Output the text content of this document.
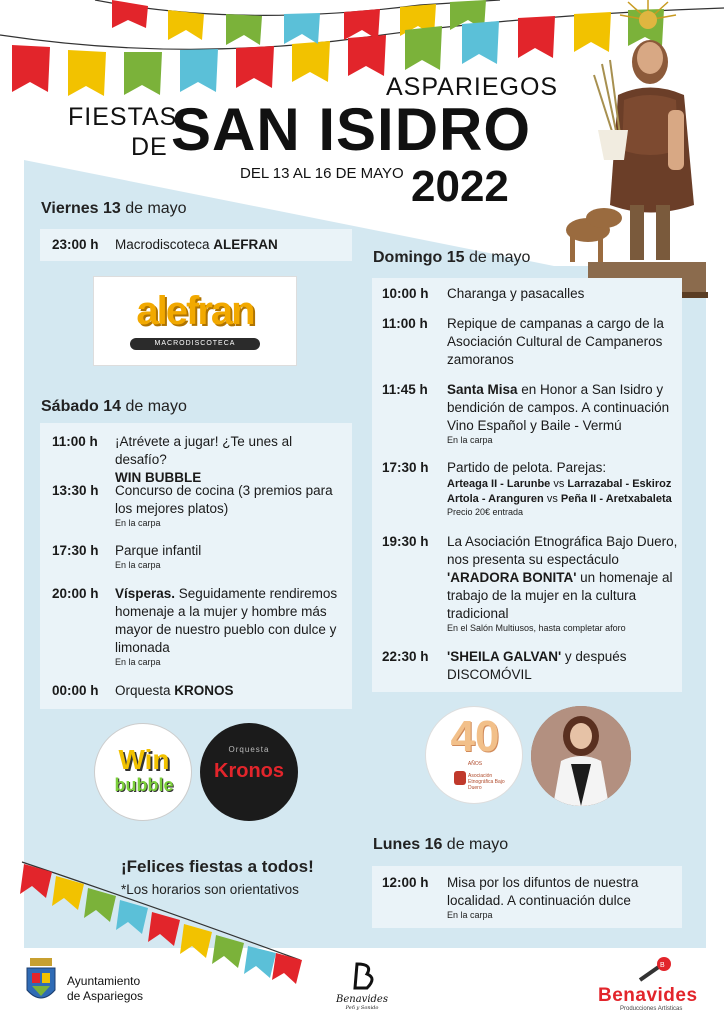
ASPARIEGOS
FIESTAS
DE SAN ISIDRO
DEL 13 AL 16 DE MAYO 2022
Viernes 13 de mayo
23:00 h Macrodiscoteca ALEFRAN
alefran
MACRODISCOTECA
Sábado 14 de mayo
11:00 h ¡Atrévete a jugar! ¿Te unes al desafío?
WIN BUBBLE
13:30 h Concurso de cocina (3 premios para los mejores platos)
En la carpa
17:30 h Parque infantil
En la carpa
20:00 h Vísperas. Seguidamente rendiremos homenaje a la mujer y hombre más mayor de nuestro pueblo con dulce y limonada
En la carpa
00:00 h Orquesta KRONOS
Win
bubble
Orquesta
Kronos
Domingo 15 de mayo
10:00 h Charanga y pasacalles
11:00 h Repique de campanas a cargo de la Asociación Cultural de Campaneros zamoranos
11:45 h Santa Misa en Honor a San Isidro y bendición de campos. A continuación Vino Español y Baile - Vermú
En la carpa
17:30 h Partido de pelota. Parejas:
Arteaga II - Larunbe vs Larrazabal - Eskiroz
Artola - Aranguren vs Peña II - Aretxabaleta
Precio 20€ entrada
19:30 h La Asociación Etnográfica Bajo Duero, nos presenta su espectáculo 'ARADORA BONITA' un homenaje al trabajo de la mujer en la cultura tradicional
En el Salón Multiusos, hasta completar aforo
22:30 h 'SHEILA GALVAN' y después DISCOMÓVIL
40
AÑOS
Asociación Etnográfica Bajo Duero
Lunes 16 de mayo
12:00 h Misa por los difuntos de nuestra localidad. A continuación dulce
En la carpa
¡Felices fiestas a todos!
*Los horarios son orientativos
Ayuntamiento
de Aspariegos	Benavides
Peñ y Sonido
B
Benavides
Producciones Artísticas
